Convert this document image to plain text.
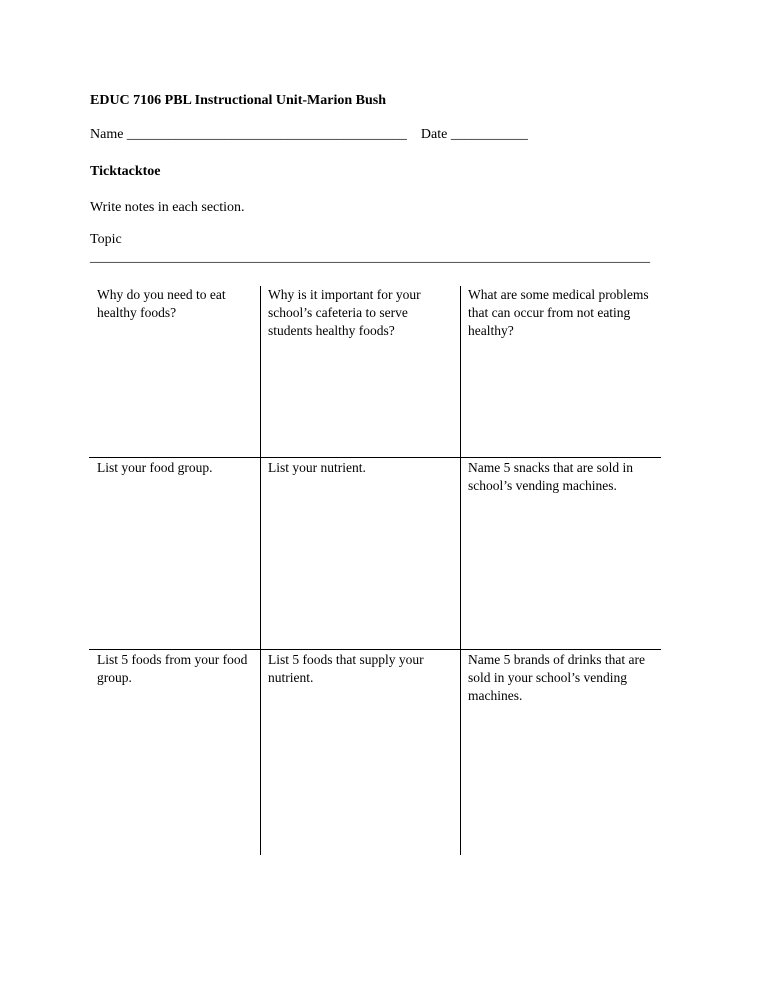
EDUC 7106 PBL Instructional Unit-Marion Bush
Name ________________________________________    Date ___________
Ticktacktoe
Write notes in each section.
Topic
________________________________________________________________________________
Why do you need to eat healthy foods?
Why is it important for your school’s cafeteria to serve students healthy foods?
What are some medical problems that can occur from not eating healthy?
List your food group.	List your nutrient.	Name 5 snacks that are sold in school’s vending machines.
List 5 foods from your food group.
List 5 foods that supply your nutrient.
Name 5 brands of drinks that are sold in your school’s vending machines.
